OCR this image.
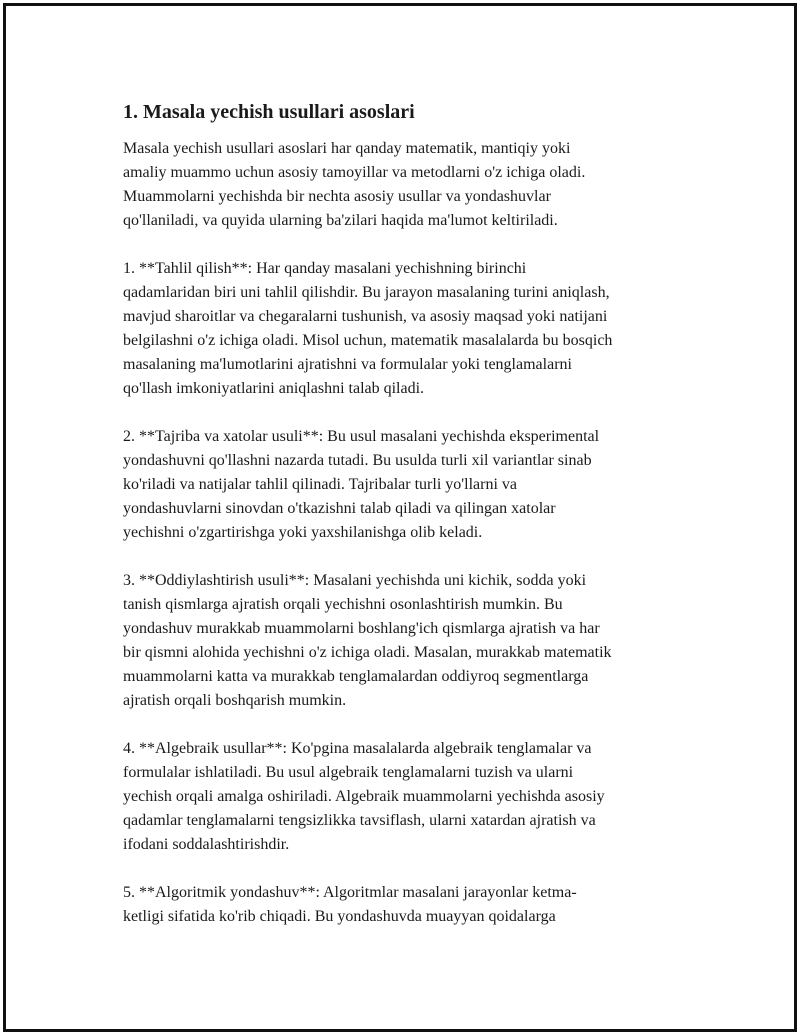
1. Masala yechish usullari asoslari

Masala yechish usullari asoslari har qanday matematik, mantiqiy yoki
amaliy muammo uchun asosiy tamoyillar va metodlarni o'z ichiga oladi.
Muammolarni yechishda bir nechta asosiy usullar va yondashuvlar
qo'llaniladi, va quyida ularning ba'zilari haqida ma'lumot keltiriladi.

1. **Tahlil qilish**: Har qanday masalani yechishning birinchi
qadamlaridan biri uni tahlil qilishdir. Bu jarayon masalaning turini aniqlash,
mavjud sharoitlar va chegaralarni tushunish, va asosiy maqsad yoki natijani
belgilashni o'z ichiga oladi. Misol uchun, matematik masalalarda bu bosqich
masalaning ma'lumotlarini ajratishni va formulalar yoki tenglamalarni
qo'llash imkoniyatlarini aniqlashni talab qiladi.

2. **Tajriba va xatolar usuli**: Bu usul masalani yechishda eksperimental
yondashuvni qo'llashni nazarda tutadi. Bu usulda turli xil variantlar sinab
ko'riladi va natijalar tahlil qilinadi. Tajribalar turli yo'llarni va
yondashuvlarni sinovdan o'tkazishni talab qiladi va qilingan xatolar
yechishni o'zgartirishga yoki yaxshilanishga olib keladi.

3. **Oddiylashtirish usuli**: Masalani yechishda uni kichik, sodda yoki
tanish qismlarga ajratish orqali yechishni osonlashtirish mumkin. Bu
yondashuv murakkab muammolarni boshlang'ich qismlarga ajratish va har
bir qismni alohida yechishni o'z ichiga oladi. Masalan, murakkab matematik
muammolarni katta va murakkab tenglamalardan oddiyroq segmentlarga
ajratish orqali boshqarish mumkin.

4. **Algebraik usullar**: Ko'pgina masalalarda algebraik tenglamalar va
formulalar ishlatiladi. Bu usul algebraik tenglamalarni tuzish va ularni
yechish orqali amalga oshiriladi. Algebraik muammolarni yechishda asosiy
qadamlar tenglamalarni tengsizlikka tavsiflash, ularni xatardan ajratish va
ifodani soddalashtirishdir.

5. **Algoritmik yondashuv**: Algoritmlar masalani jarayonlar ketma-
ketligi sifatida ko'rib chiqadi. Bu yondashuvda muayyan qoidalarga
